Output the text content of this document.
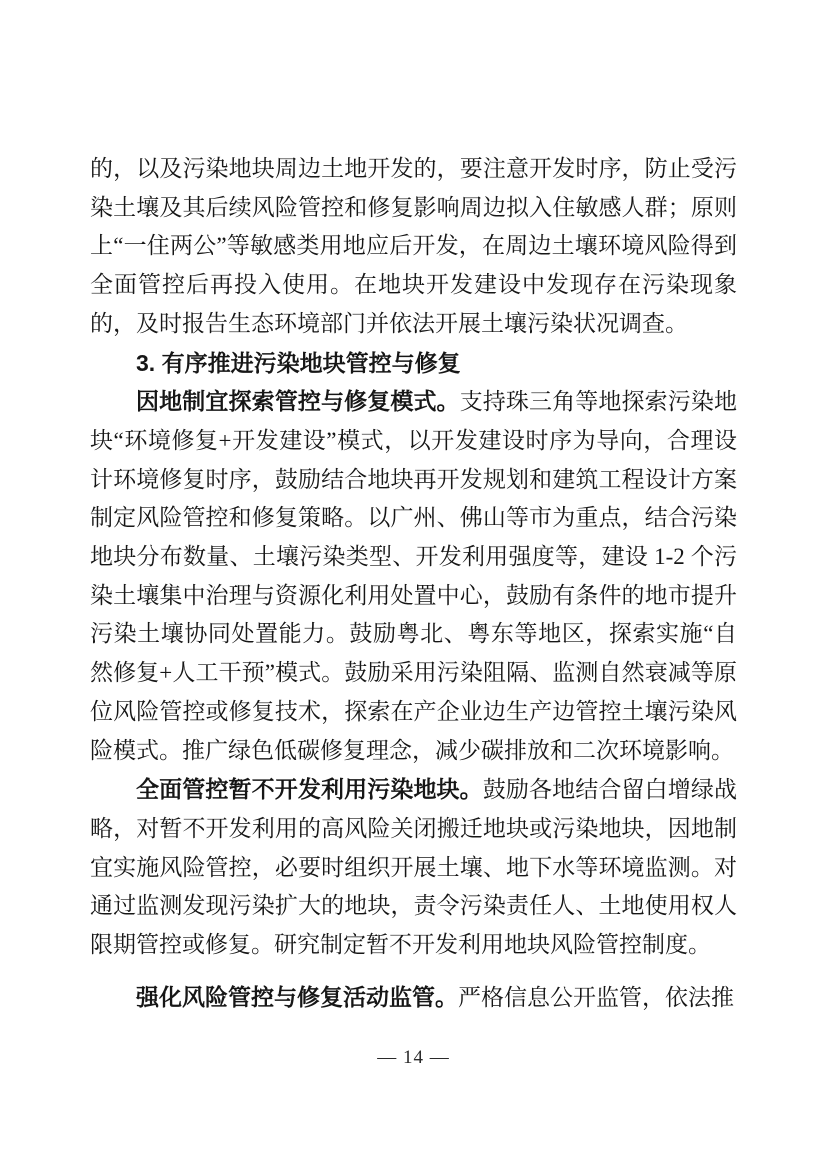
的，以及污染地块周边土地开发的，要注意开发时序，防止受污染土壤及其后续风险管控和修复影响周边拟入住敏感人群；原则上“一住两公”等敏感类用地应后开发，在周边土壤环境风险得到全面管控后再投入使用。在地块开发建设中发现存在污染现象的，及时报告生态环境部门并依法开展土壤污染状况调查。

3. 有序推进污染地块管控与修复

因地制宜探索管控与修复模式。支持珠三角等地探索污染地块“环境修复+开发建设”模式，以开发建设时序为导向，合理设计环境修复时序，鼓励结合地块再开发规划和建筑工程设计方案制定风险管控和修复策略。以广州、佛山等市为重点，结合污染地块分布数量、土壤污染类型、开发利用强度等，建设 1-2 个污染土壤集中治理与资源化利用处置中心，鼓励有条件的地市提升污染土壤协同处置能力。鼓励粤北、粤东等地区，探索实施“自然修复+人工干预”模式。鼓励采用污染阻隔、监测自然衰减等原位风险管控或修复技术，探索在产企业边生产边管控土壤污染风险模式。推广绿色低碳修复理念，减少碳排放和二次环境影响。

全面管控暂不开发利用污染地块。鼓励各地结合留白增绿战略，对暂不开发利用的高风险关闭搬迁地块或污染地块，因地制宜实施风险管控，必要时组织开展土壤、地下水等环境监测。对通过监测发现污染扩大的地块，责令污染责任人、土地使用权人限期管控或修复。研究制定暂不开发利用地块风险管控制度。

强化风险管控与修复活动监管。严格信息公开监管，依法推

— 14 —
